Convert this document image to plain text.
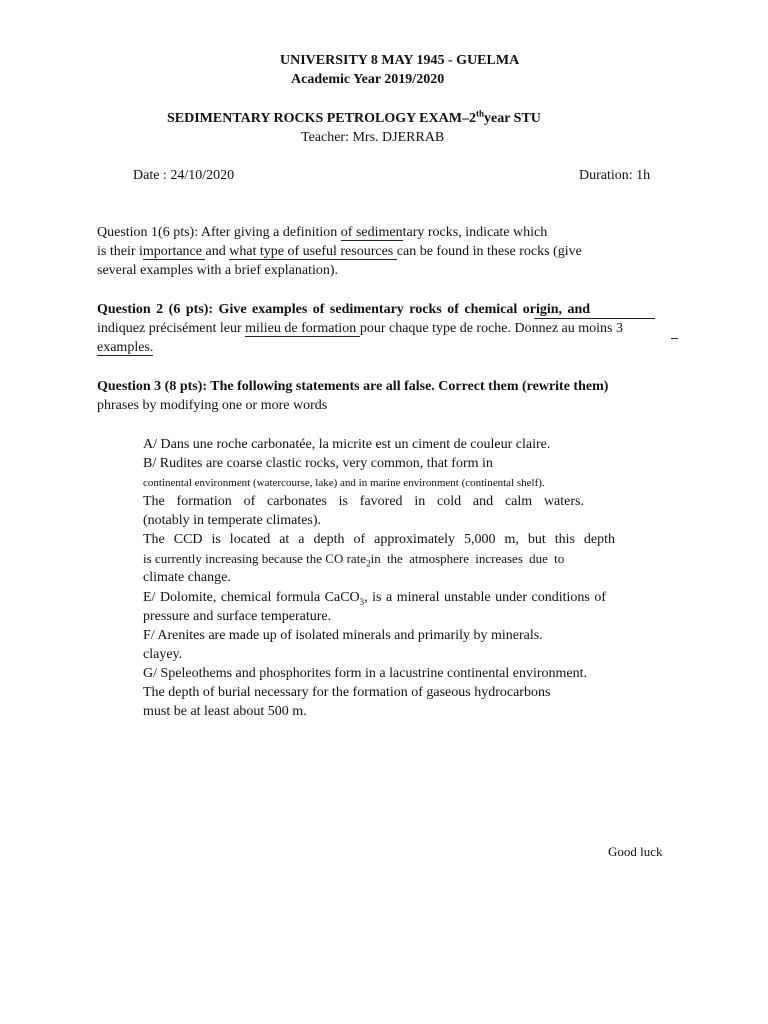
UNIVERSITY 8 MAY 1945 - GUELMA
Academic Year 2019/2020
SEDIMENTARY ROCKS PETROLOGY EXAM–2thyear STU
Teacher: Mrs. DJERRAB
Date : 24/10/2020	Duration: 1h
Question 1(6 pts): After giving a definition of sedimentary rocks, indicate which
is their importance and what type of useful resources can be found in these rocks (give
several examples with a brief explanation).
Question 2 (6 pts): Give examples of sedimentary rocks of chemical origin, and
indiquez précisément leur milieu de formation pour chaque type de roche. Donnez au moins 3
examples.
Question 3 (8 pts): The following statements are all false. Correct them (rewrite them)
phrases by modifying one or more words
A/ Dans une roche carbonatée, la micrite est un ciment de couleur claire.
B/ Rudites are coarse clastic rocks, very common, that form in
continental environment (watercourse, lake) and in marine environment (continental shelf).
The formation of carbonates is favored in cold and calm waters.
(notably in temperate climates).
The CCD is located at a depth of approximately 5,000 m, but this depth
is currently increasing because the CO rate$_2$in the atmosphere increases due to
climate change.
E/ Dolomite, chemical formula CaCO$_3$, is a mineral unstable under conditions of
pressure and surface temperature.
F/ Arenites are made up of isolated minerals and primarily by minerals.
clayey.
G/ Speleothems and phosphorites form in a lacustrine continental environment.
The depth of burial necessary for the formation of gaseous hydrocarbons
must be at least about 500 m.
Good luck
